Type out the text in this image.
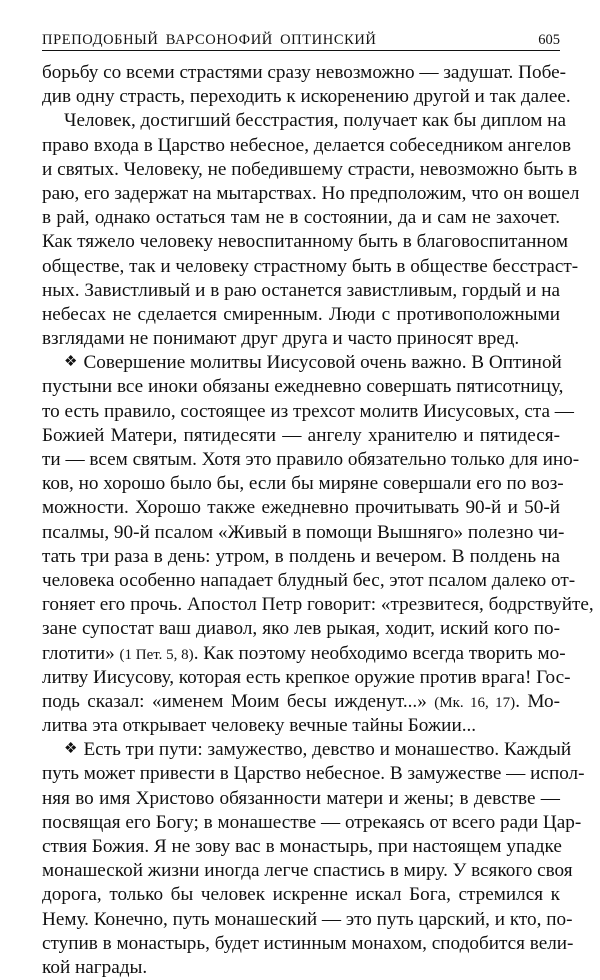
ПРЕПОДОБНЫЙ ВАРСОНОФИЙ ОПТИНСКИЙ	605
борьбу со всеми страстями сразу невозможно — задушат. Побе-
див одну страсть, переходить к искоренению другой и так далее.
Человек, достигший бесстрастия, получает как бы диплом на
право входа в Царство небесное, делается собеседником ангелов
и святых. Человеку, не победившему страсти, невозможно быть в
раю, его задержат на мытарствах. Но предположим, что он вошел
в рай, однако остаться там не в состоянии, да и сам не захочет.
Как тяжело человеку невоспитанному быть в благовоспитанном
обществе, так и человеку страстному быть в обществе бесстраст-
ных. Завистливый и в раю останется завистливым, гордый и на
небесах не сделается смиренным. Люди с противоположными
взглядами не понимают друг друга и часто приносят вред.
❖ Совершение молитвы Иисусовой очень важно. В Оптиной
пустыни все иноки обязаны ежедневно совершать пятисотницу,
то есть правило, состоящее из трехсот молитв Иисусовых, ста —
Божией Матери, пятидесяти — ангелу хранителю и пятидеся-
ти — всем святым. Хотя это правило обязательно только для ино-
ков, но хорошо было бы, если бы миряне совершали его по воз-
можности. Хорошо также ежедневно прочитывать 90-й и 50-й
псалмы, 90-й псалом «Живый в помощи Вышняго» полезно чи-
тать три раза в день: утром, в полдень и вечером. В полдень на
человека особенно нападает блудный бес, этот псалом далеко от-
гоняет его прочь. Апостол Петр говорит: «трезвитеся, бодрствуйте,
зане супостат ваш диавол, яко лев рыкая, ходит, иский кого по-
глотити» (1 Пет. 5, 8). Как поэтому необходимо всегда творить мо-
литву Иисусову, которая есть крепкое оружие против врага! Гос-
подь сказал: «именем Моим бесы ижденут...» (Мк. 16, 17). Мо-
литва эта открывает человеку вечные тайны Божии...
❖ Есть три пути: замужество, девство и монашество. Каждый
путь может привести в Царство небесное. В замужестве — испол-
няя во имя Христово обязанности матери и жены; в девстве —
посвящая его Богу; в монашестве — отрекаясь от всего ради Цар-
ствия Божия. Я не зову вас в монастырь, при настоящем упадке
монашеской жизни иногда легче спастись в миру. У всякого своя
дорога, только бы человек искренне искал Бога, стремился к
Нему. Конечно, путь монашеский — это путь царский, и кто, по-
ступив в монастырь, будет истинным монахом, сподобится вели-
кой награды.
